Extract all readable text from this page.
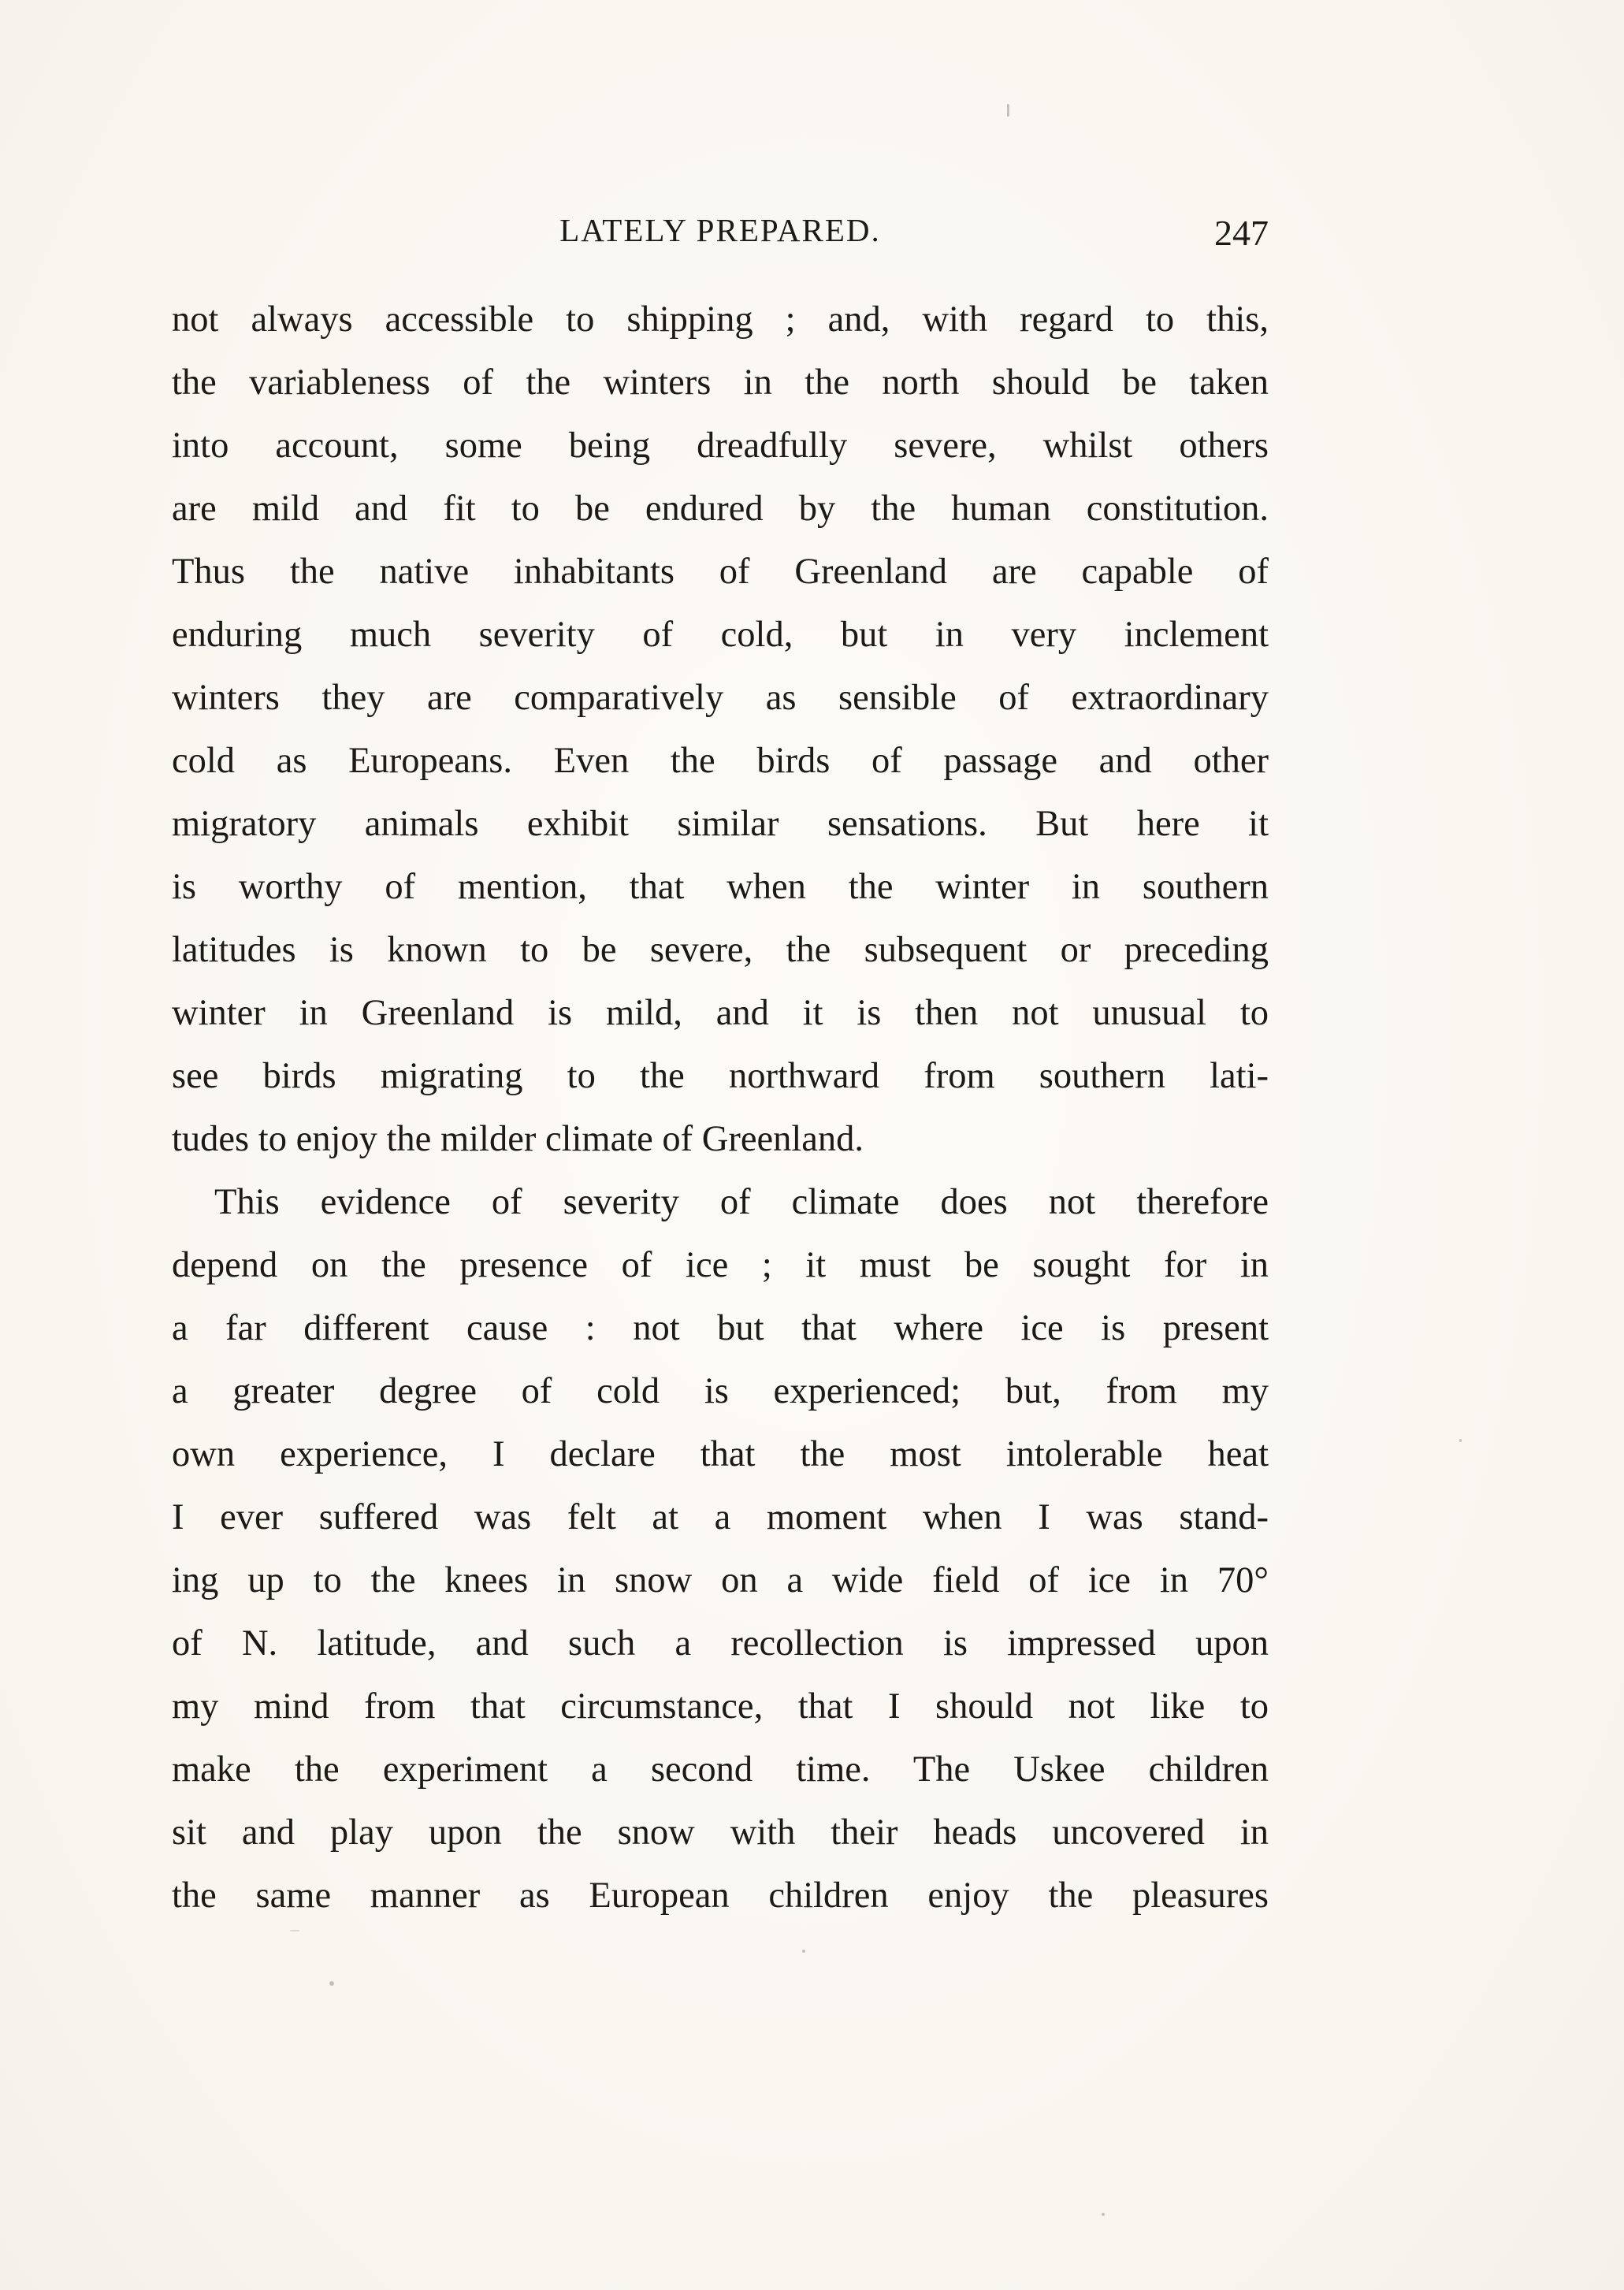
LATELY PREPARED.	247
not always accessible to shipping ; and, with regard to this,
the variableness of the winters in the north should be taken
into account, some being dreadfully severe, whilst others
are mild and fit to be endured by the human constitution.
Thus the native inhabitants of Greenland are capable of
enduring much severity of cold, but in very inclement
winters they are comparatively as sensible of extraordinary
cold as Europeans. Even the birds of passage and other
migratory animals exhibit similar sensations. But here it
is worthy of mention, that when the winter in southern
latitudes is known to be severe, the subsequent or preceding
winter in Greenland is mild, and it is then not unusual to
see birds migrating to the northward from southern lati-
tudes to enjoy the milder climate of Greenland.
This evidence of severity of climate does not therefore
depend on the presence of ice ; it must be sought for in
a far different cause : not but that where ice is present
a greater degree of cold is experienced; but, from my
own experience, I declare that the most intolerable heat
I ever suffered was felt at a moment when I was stand-
ing up to the knees in snow on a wide field of ice in 70°
of N. latitude, and such a recollection is impressed upon
my mind from that circumstance, that I should not like to
make the experiment a second time. The Uskee children
sit and play upon the snow with their heads uncovered in
the same manner as European children enjoy the pleasures
